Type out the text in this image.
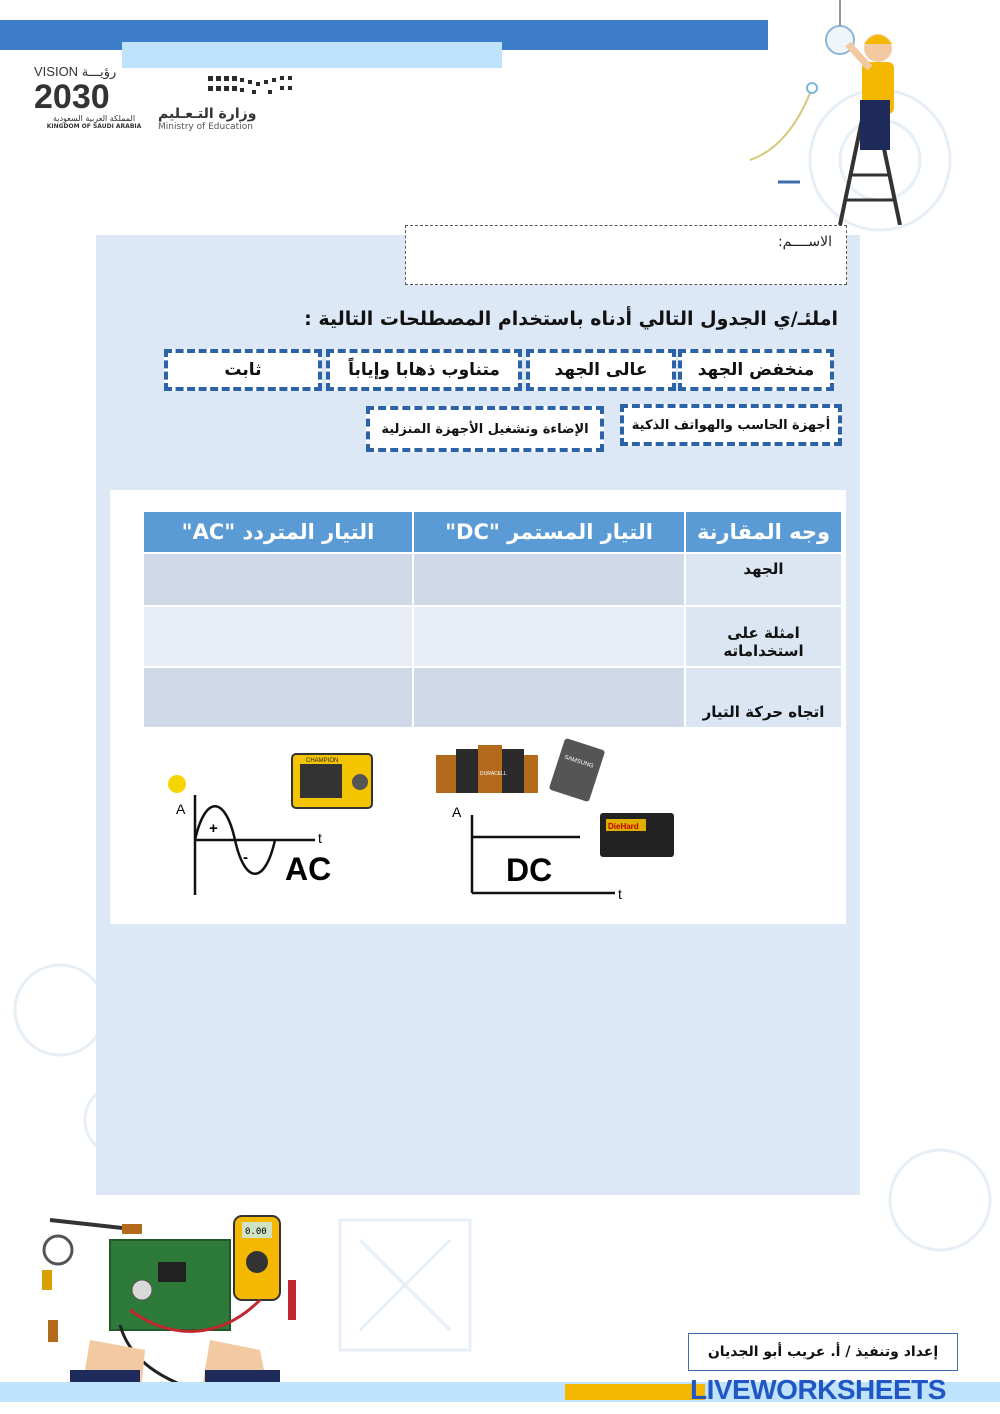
VISION رؤيـــة
2030
المملكة العربية السعودية
KINGDOM OF SAUDI ARABIA
وزارة التـعـليم
Ministry of Education
الاســــم:
املئـ/ي الجدول التالي أدناه باستخدام المصطلحات التالية :
منخفض الجهد
عالى الجهد
متناوب ذهابا وإياباً
ثابت
أجهزة الحاسب والهواتف الذكية
الإضاءة وتشغيل الأجهزة المنزلية
وجه المقارنة	التيار المستمر "DC"	التيار المتردد "AC"
الجهد		
امثلة على استخداماته		
اتجاه حركة التيار		
A
t
+
- AC
CHAMPION
DURACELL
SAMSUNG
A
t
DC
DieHard
0.00
إعداد وتنفيذ / أ. عريب أبو الجديان
LIVEWORKSHEETS
